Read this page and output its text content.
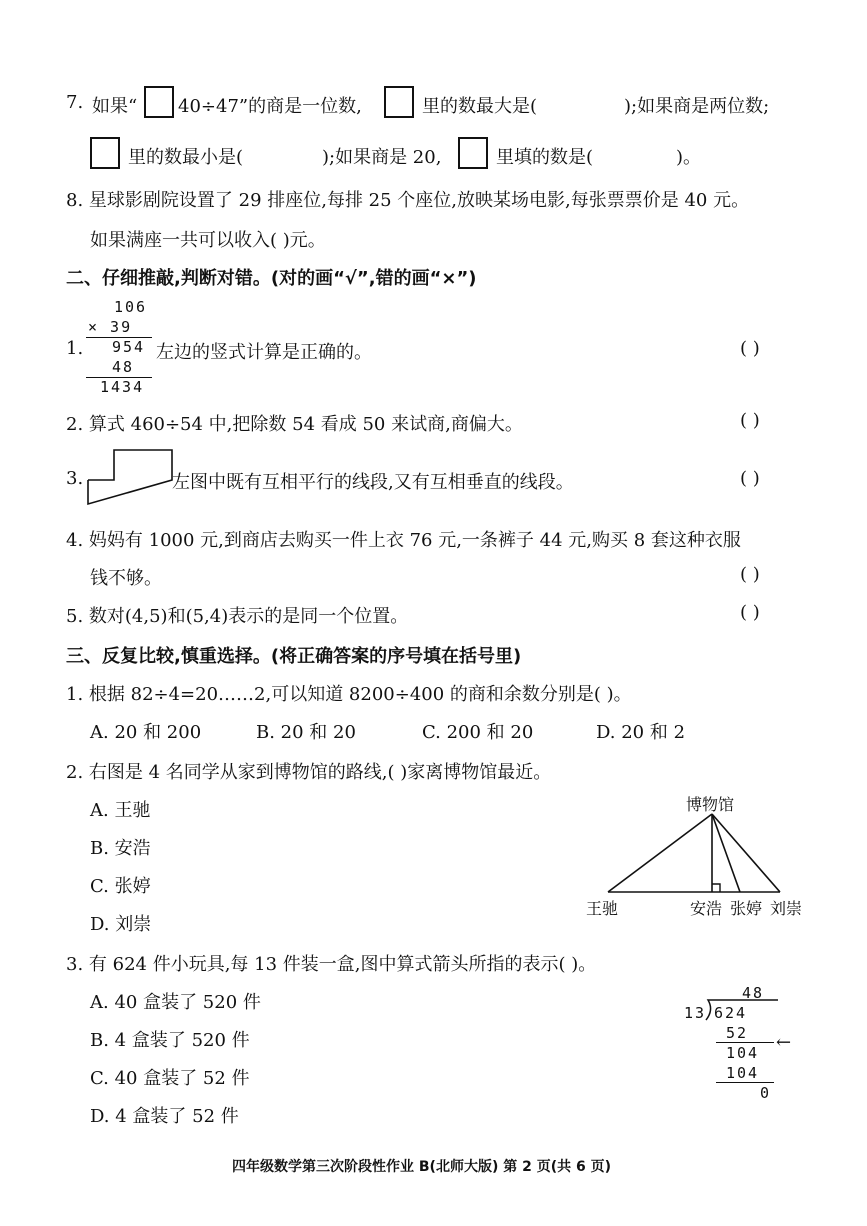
7. 如果“ 40÷47”的商是一位数,	里的数最大是(	);如果商是两位数;
里的数最小是(	);如果商是 20,	里填的数是(	)。
8. 星球影剧院设置了 29 排座位,每排 25 个座位,放映某场电影,每张票票价是 40 元。
如果满座一共可以收入( )元。
二、仔细推敲,判断对错。(对的画“√”,错的画“×”)
1.
106
× 39
954
48
1434
左边的竖式计算是正确的。	( )
2. 算式 460÷54 中,把除数 54 看成 50 来试商,商偏大。	( )
3.	左图中既有互相平行的线段,又有互相垂直的线段。	( )
4. 妈妈有 1000 元,到商店去购买一件上衣 76 元,一条裤子 44 元,购买 8 套这种衣服
钱不够。	( )
5. 数对(4,5)和(5,4)表示的是同一个位置。	( )
三、反复比较,慎重选择。(将正确答案的序号填在括号里)
1. 根据 82÷4=20……2,可以知道 8200÷400 的商和余数分别是( )。
A. 20 和 200	B. 20 和 20	C. 200 和 20	D. 20 和 2
2. 右图是 4 名同学从家到博物馆的路线,( )家离博物馆最近。
A. 王驰
B. 安浩
C. 张婷
D. 刘崇
博物馆
王驰	安浩 张婷 刘崇
3. 有 624 件小玩具,每 13 件装一盒,图中算式箭头所指的表示( )。
A. 40 盒装了 520 件
B. 4 盒装了 520 件
C. 40 盒装了 52 件
D. 4 盒装了 52 件
48
13 624
52 ←
104
104
0
四年级数学第三次阶段性作业 B(北师大版) 第 2 页(共 6 页)
